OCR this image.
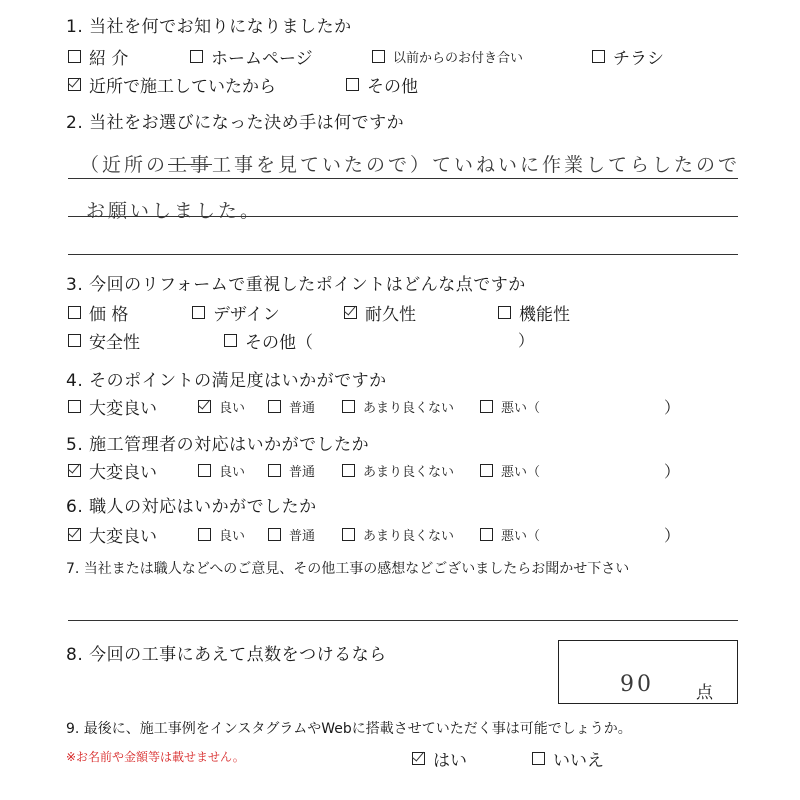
1. 当社を何でお知りになりましたか
紹 介	ホームページ	以前からのお付き合い	チラシ
近所で施工していたから	その他
2. 当社をお選びになった決め手は何ですか
（近所の工事工事を見ていたので）ていねいに作業してらしたので
お願いしました。
3. 今回のリフォームで重視したポイントはどんな点ですか
価 格	デザイン	耐久性	機能性
安全性	その他（	）
4. そのポイントの満足度はいかがですか
大変良い	良い	普通	あまり良くない	悪い（	）
5. 施工管理者の対応はいかがでしたか
大変良い	良い	普通	あまり良くない	悪い（	）
6. 職人の対応はいかがでしたか
大変良い	良い	普通	あまり良くない	悪い（	）
7. 当社または職人などへのご意見、その他工事の感想などございましたらお聞かせ下さい
8. 今回の工事にあえて点数をつけるなら
90 点
9. 最後に、施工事例をインスタグラムやWebに搭載させていただく事は可能でしょうか。
※お名前や金額等は載せません。	はい	いいえ
